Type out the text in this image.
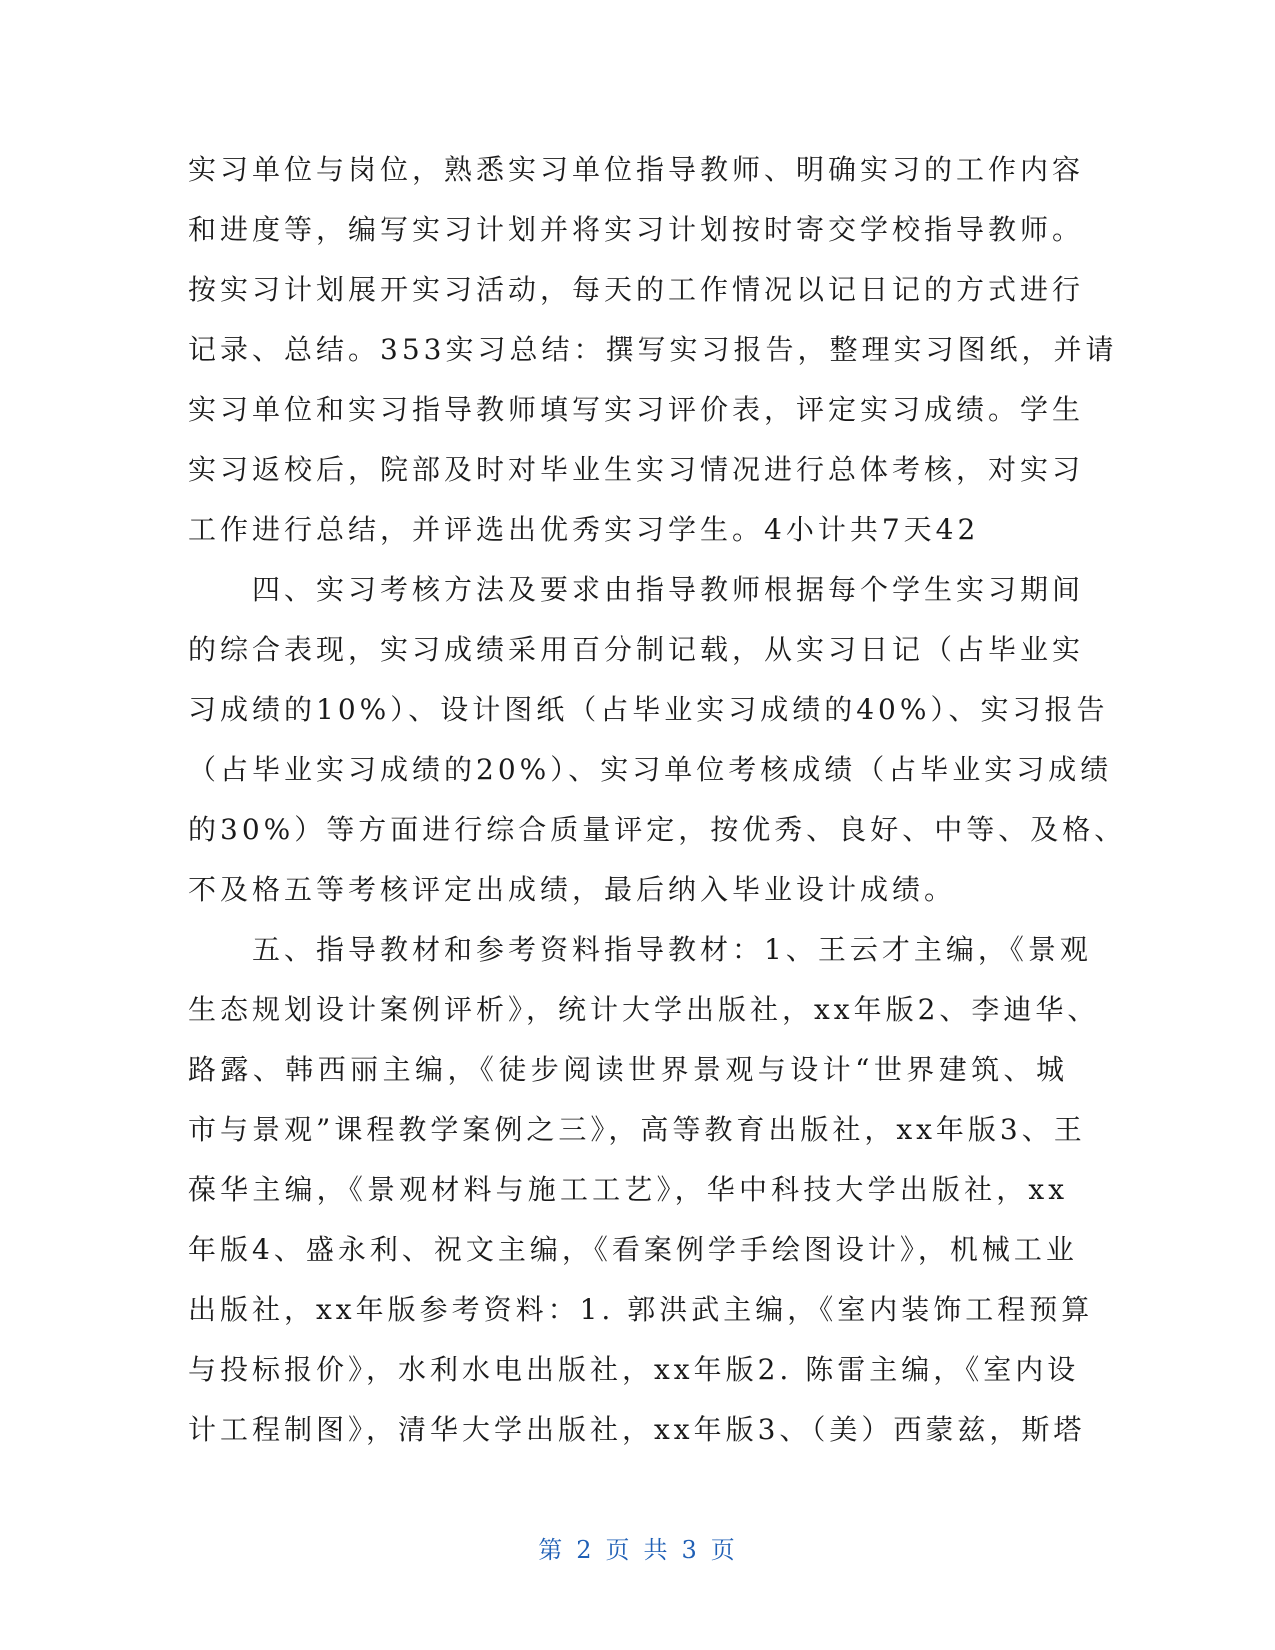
实习单位与岗位，熟悉实习单位指导教师、明确实习的工作内容
和进度等，编写实习计划并将实习计划按时寄交学校指导教师。
按实习计划展开实习活动，每天的工作情况以记日记的方式进行
记录、总结。353实习总结：撰写实习报告，整理实习图纸，并请
实习单位和实习指导教师填写实习评价表，评定实习成绩。学生
实习返校后，院部及时对毕业生实习情况进行总体考核，对实习
工作进行总结，并评选出优秀实习学生。4小计共7天42
　　四、实习考核方法及要求由指导教师根据每个学生实习期间
的综合表现，实习成绩采用百分制记载，从实习日记（占毕业实
习成绩的10%）、设计图纸（占毕业实习成绩的40%）、实习报告
（占毕业实习成绩的20%）、实习单位考核成绩（占毕业实习成绩
的30%）等方面进行综合质量评定，按优秀、良好、中等、及格、
不及格五等考核评定出成绩，最后纳入毕业设计成绩。
　　五、指导教材和参考资料指导教材：1、王云才主编，《景观
生态规划设计案例评析》，统计大学出版社，xx年版2、李迪华、
路露、韩西丽主编，《徒步阅读世界景观与设计“世界建筑、城
市与景观”课程教学案例之三》，高等教育出版社，xx年版3、王
葆华主编，《景观材料与施工工艺》，华中科技大学出版社，xx
年版4、盛永利、祝文主编，《看案例学手绘图设计》，机械工业
出版社，xx年版参考资料：1. 郭洪武主编，《室内装饰工程预算
与投标报价》，水利水电出版社，xx年版2. 陈雷主编，《室内设
计工程制图》，清华大学出版社，xx年版3、（美）西蒙兹，斯塔
第 2 页 共 3 页
